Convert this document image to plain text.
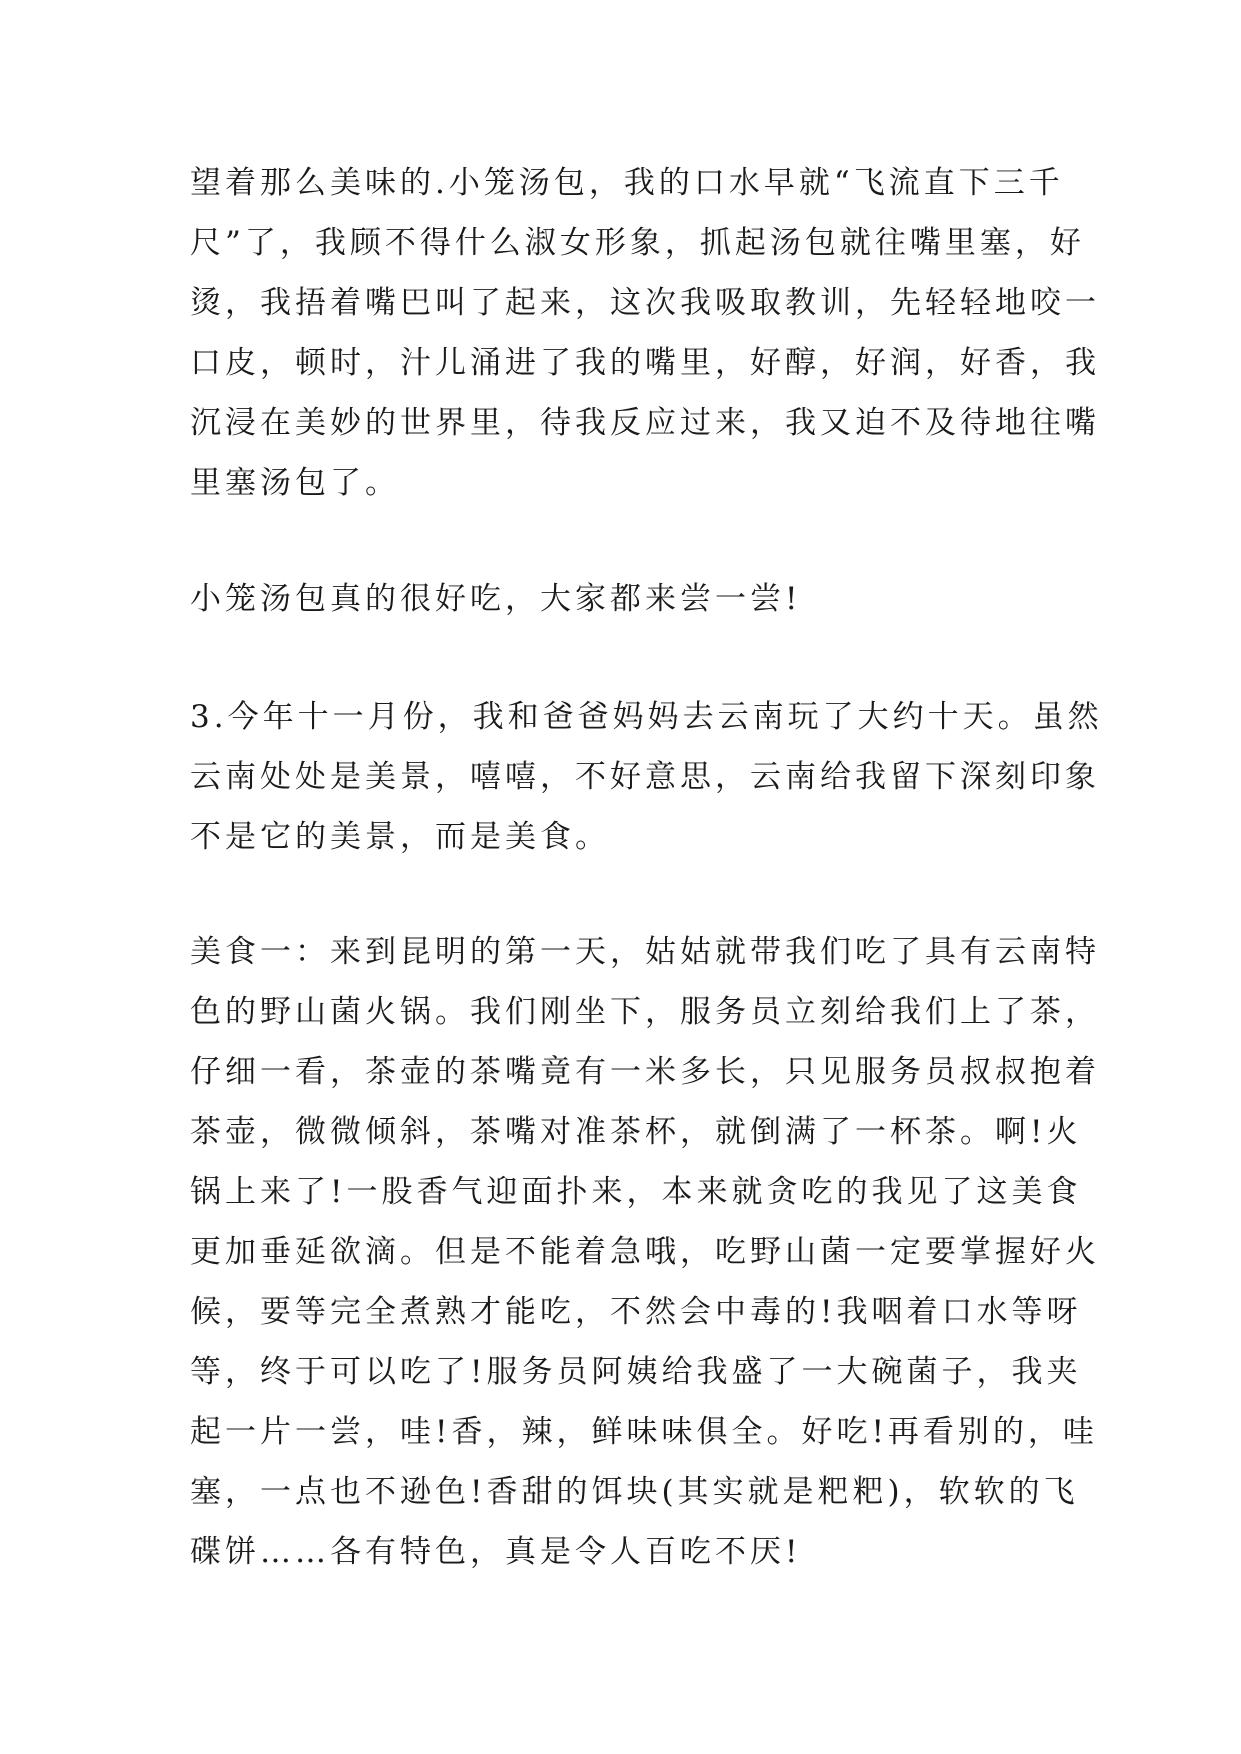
望着那么美味的.小笼汤包，我的口水早就“飞流直下三千
尺”了，我顾不得什么淑女形象，抓起汤包就往嘴里塞，好
烫，我捂着嘴巴叫了起来，这次我吸取教训，先轻轻地咬一
口皮，顿时，汁儿涌进了我的嘴里，好醇，好润，好香，我
沉浸在美妙的世界里，待我反应过来，我又迫不及待地往嘴
里塞汤包了。
小笼汤包真的很好吃，大家都来尝一尝!
3.今年十一月份，我和爸爸妈妈去云南玩了大约十天。虽然
云南处处是美景，嘻嘻，不好意思，云南给我留下深刻印象
不是它的美景，而是美食。
美食一：来到昆明的第一天，姑姑就带我们吃了具有云南特
色的野山菌火锅。我们刚坐下，服务员立刻给我们上了茶，
仔细一看，茶壶的茶嘴竟有一米多长，只见服务员叔叔抱着
茶壶，微微倾斜，茶嘴对准茶杯，就倒满了一杯茶。啊!火
锅上来了!一股香气迎面扑来，本来就贪吃的我见了这美食
更加垂延欲滴。但是不能着急哦，吃野山菌一定要掌握好火
候，要等完全煮熟才能吃，不然会中毒的!我咽着口水等呀
等，终于可以吃了!服务员阿姨给我盛了一大碗菌子，我夹
起一片一尝，哇!香，辣，鲜味味俱全。好吃!再看别的，哇
塞，一点也不逊色!香甜的饵块(其实就是粑粑)，软软的飞
碟饼……各有特色，真是令人百吃不厌!
